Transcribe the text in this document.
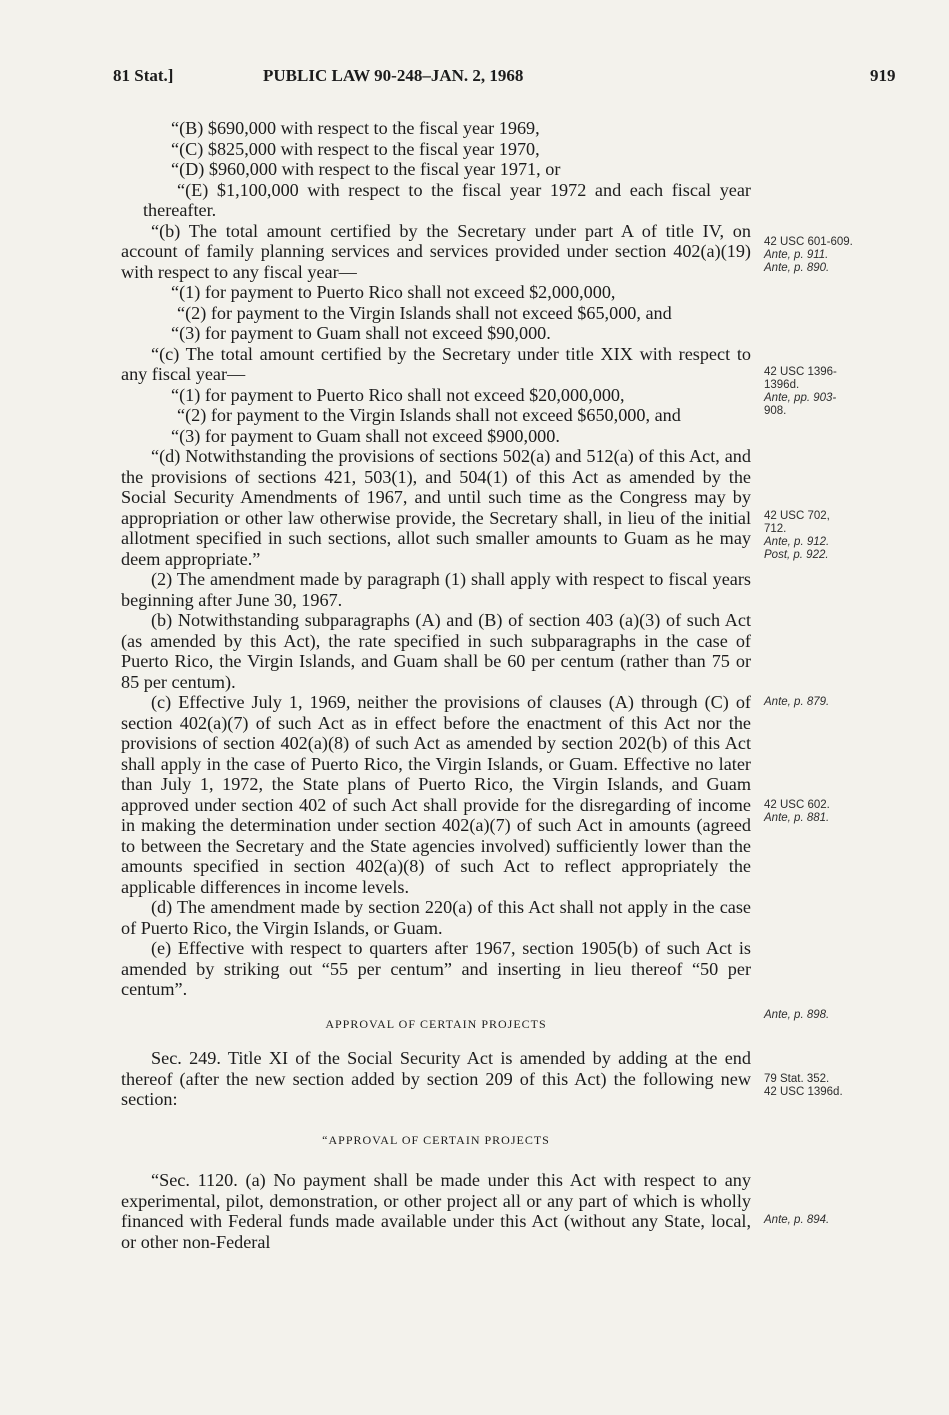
81 Stat.]	PUBLIC LAW 90-248–JAN. 2, 1968	919

“(B) $690,000 with respect to the fiscal year 1969,

“(C) $825,000 with respect to the fiscal year 1970,

“(D) $960,000 with respect to the fiscal year 1971, or

“(E) $1,100,000 with respect to the fiscal year 1972 and each fiscal year thereafter.

“(b) The total amount certified by the Secretary under part A of title IV, on account of family planning services and services provided under section 402(a)(19) with respect to any fiscal year—

“(1) for payment to Puerto Rico shall not exceed $2,000,000,

“(2) for payment to the Virgin Islands shall not exceed $65,000, and

“(3) for payment to Guam shall not exceed $90,000.

“(c) The total amount certified by the Secretary under title XIX with respect to any fiscal year—

“(1) for payment to Puerto Rico shall not exceed $20,000,000,

“(2) for payment to the Virgin Islands shall not exceed $650,000, and

“(3) for payment to Guam shall not exceed $900,000.

“(d) Notwithstanding the provisions of sections 502(a) and 512(a) of this Act, and the provisions of sections 421, 503(1), and 504(1) of this Act as amended by the Social Security Amendments of 1967, and until such time as the Congress may by appropriation or other law otherwise provide, the Secretary shall, in lieu of the initial allotment specified in such sections, allot such smaller amounts to Guam as he may deem appropriate.”

(2) The amendment made by paragraph (1) shall apply with respect to fiscal years beginning after June 30, 1967.

(b) Notwithstanding subparagraphs (A) and (B) of section 403 (a)(3) of such Act (as amended by this Act), the rate specified in such subparagraphs in the case of Puerto Rico, the Virgin Islands, and Guam shall be 60 per centum (rather than 75 or 85 per centum).

(c) Effective July 1, 1969, neither the provisions of clauses (A) through (C) of section 402(a)(7) of such Act as in effect before the enactment of this Act nor the provisions of section 402(a)(8) of such Act as amended by section 202(b) of this Act shall apply in the case of Puerto Rico, the Virgin Islands, or Guam. Effective no later than July 1, 1972, the State plans of Puerto Rico, the Virgin Islands, and Guam approved under section 402 of such Act shall provide for the disregarding of income in making the determination under section 402(a)(7) of such Act in amounts (agreed to between the Secretary and the State agencies involved) sufficiently lower than the amounts specified in section 402(a)(8) of such Act to reflect appropriately the applicable differences in income levels.

(d) The amendment made by section 220(a) of this Act shall not apply in the case of Puerto Rico, the Virgin Islands, or Guam.

(e) Effective with respect to quarters after 1967, section 1905(b) of such Act is amended by striking out “55 per centum” and inserting in lieu thereof “50 per centum”.

APPROVAL OF CERTAIN PROJECTS

Sec. 249. Title XI of the Social Security Act is amended by adding at the end thereof (after the new section added by section 209 of this Act) the following new section:

“APPROVAL OF CERTAIN PROJECTS

“Sec. 1120. (a) No payment shall be made under this Act with respect to any experimental, pilot, demonstration, or other project all or any part of which is wholly financed with Federal funds made available under this Act (without any State, local, or other non-Federal

42 USC 601-609.
Ante, p. 911.
Ante, p. 890.
42 USC 1396-
1396d.
Ante, pp. 903-
908.
42 USC 702,
712.
Ante, p. 912.
Post, p. 922.
Ante, p. 879.
42 USC 602.
Ante, p. 881.
Ante, p. 898.
79 Stat. 352.
42 USC 1396d.
Ante, p. 894.
